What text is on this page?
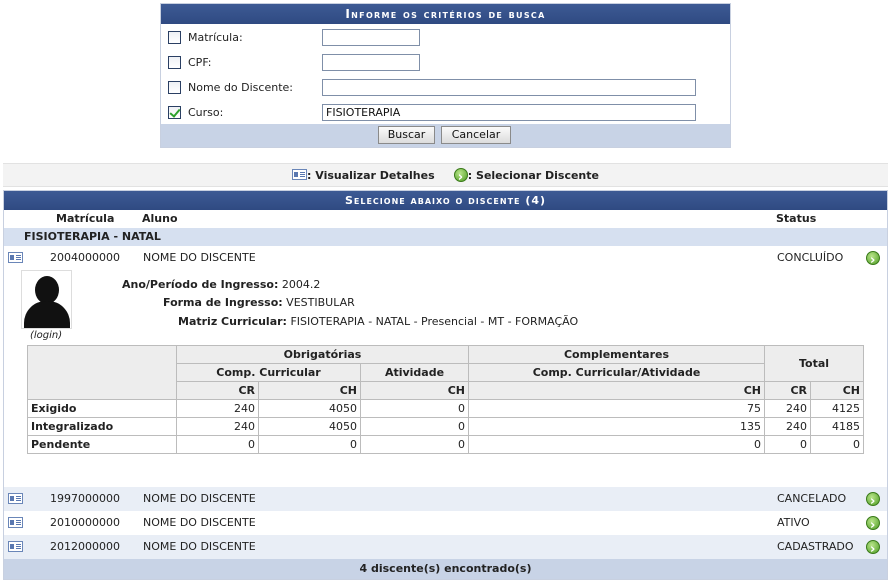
Informe os critérios de busca
Matrícula:
CPF:
Nome do Discente:
Curso:
FISIOTERAPIA
Buscar	Cancelar
: Visualizar Detalhes ›	: Selecionar Discente
Selecione abaixo o discente (4)
Matrícula	Aluno	Status
FISIOTERAPIA - NATAL
2004000000 NOME DO DISCENTE	CONCLUÍDO
›
(login)
Ano/Período de Ingresso: 2004.2
Forma de Ingresso: VESTIBULAR
Matriz Curricular: FISIOTERAPIA - NATAL - Presencial - MT - FORMAÇÃO
	Obrigatórias			Complementares	Total	
	Comp. Curricular		Atividade	Comp. Curricular/Atividade		
	CR	CH	CH	CH	CR	CH
Exigido	240	4050	0	75	240	4125
Integralizado	240	4050	0	135	240	4185
Pendente	0	0	0	0	0	0
1997000000 NOME DO DISCENTE	CANCELADO
›
2010000000 NOME DO DISCENTE	ATIVO
›
2012000000 NOME DO DISCENTE	CADASTRADO
›
4 discente(s) encontrado(s)
